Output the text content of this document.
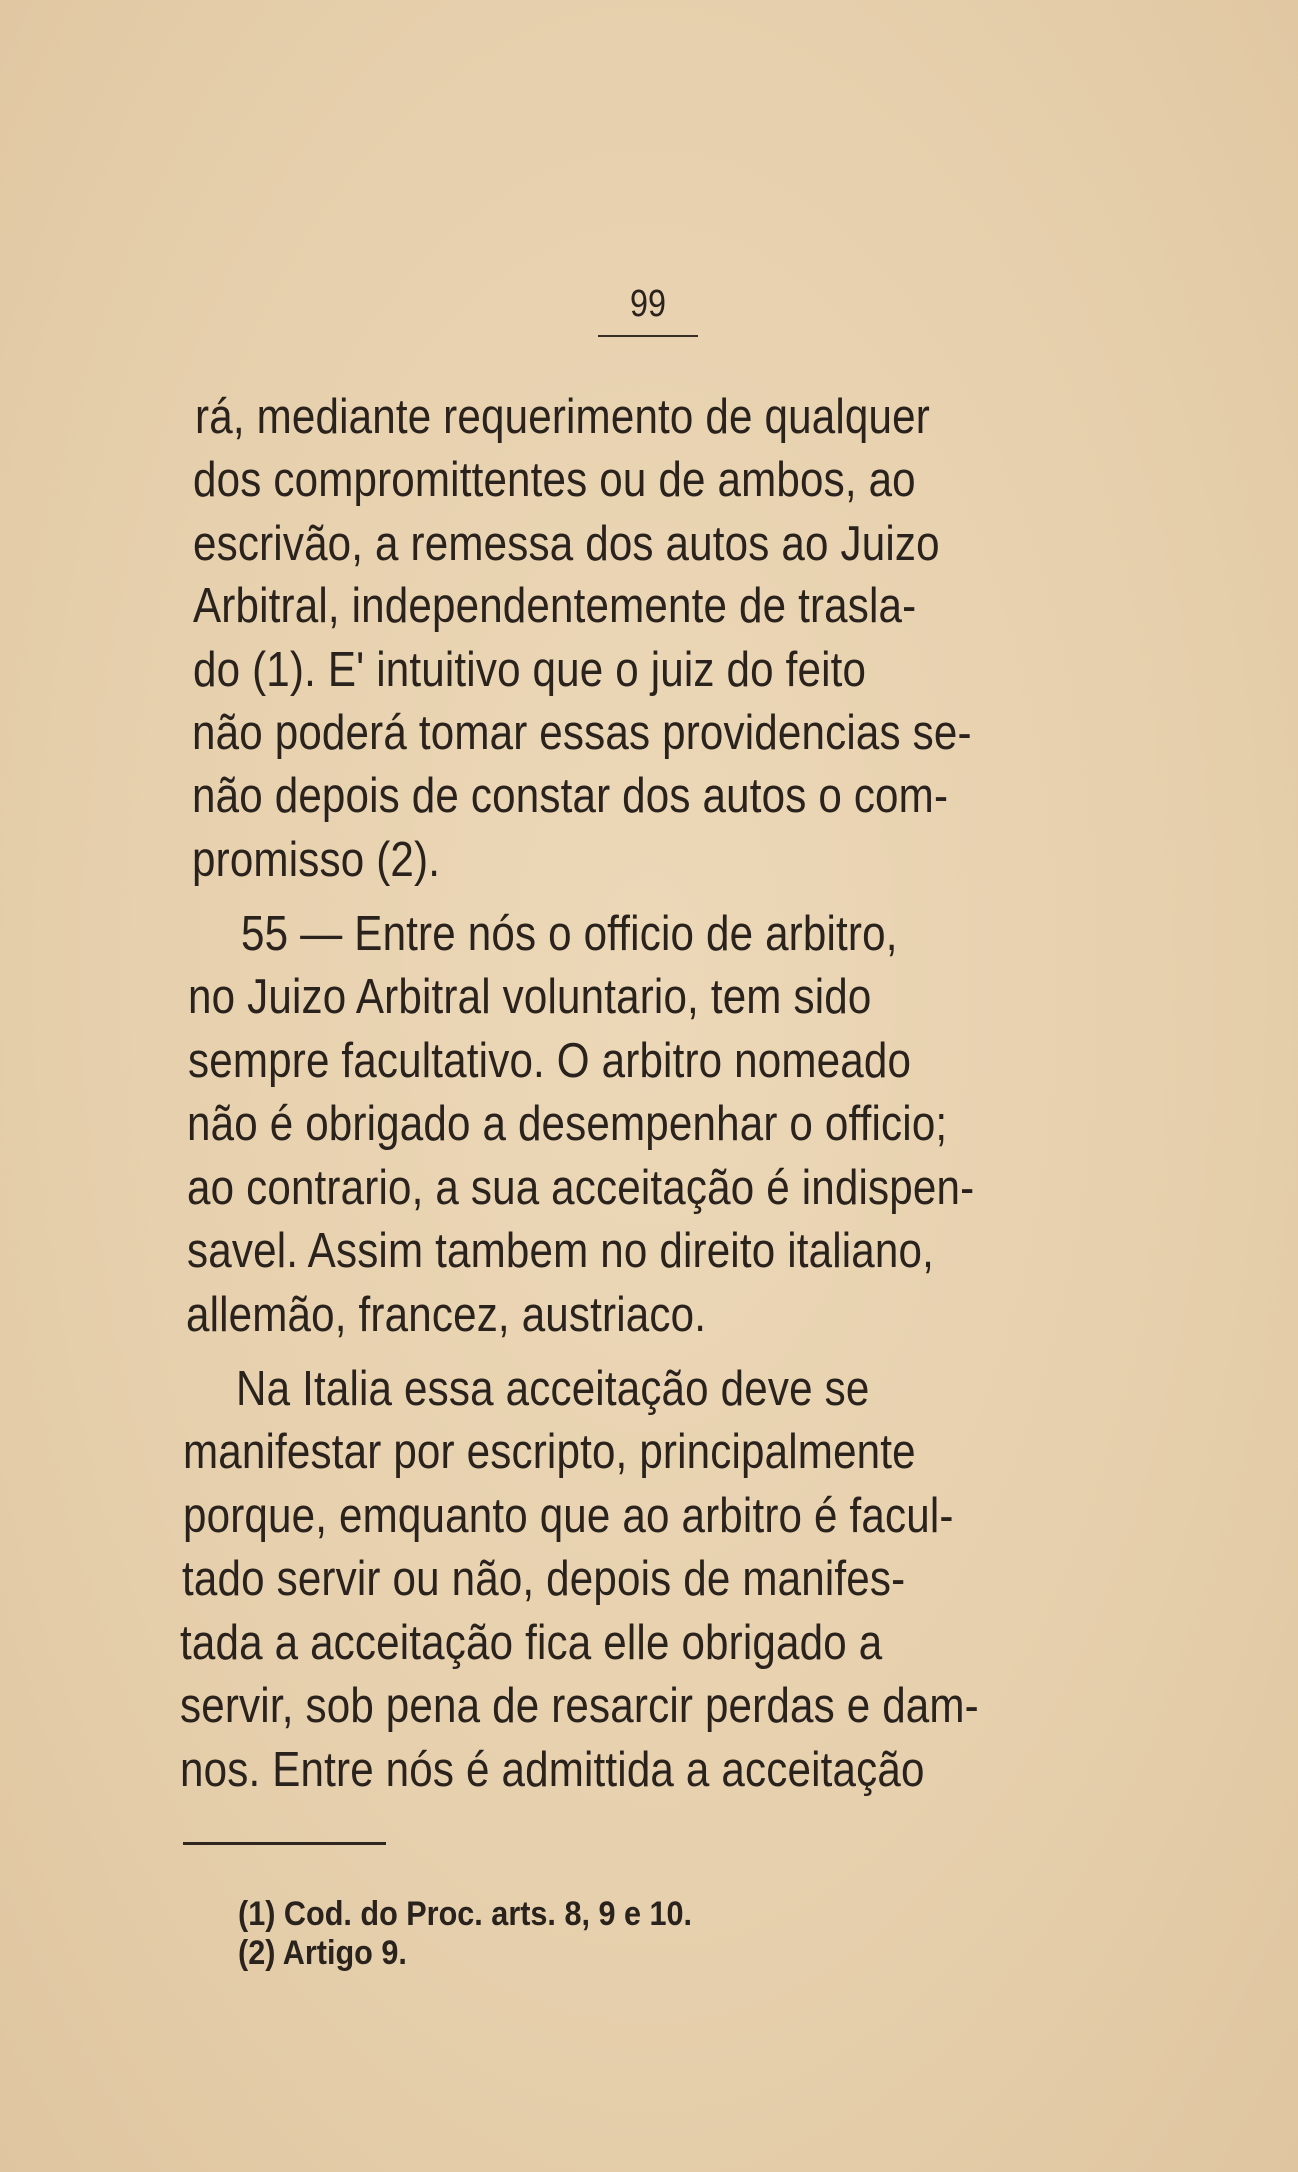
99
rá, mediante requerimento de qualquer
dos compromittentes ou de ambos, ao
escrivão, a remessa dos autos ao Juizo
Arbitral, independentemente de trasla-
do (1). E' intuitivo que o juiz do feito
não poderá tomar essas providencias se-
não depois de constar dos autos o com-
promisso (2).
55 — Entre nós o officio de arbitro,
no Juizo Arbitral voluntario, tem sido
sempre facultativo. O arbitro nomeado
não é obrigado a desempenhar o officio;
ao contrario, a sua acceitação é indispen-
savel. Assim tambem no direito italiano,
allemão, francez, austriaco.
Na Italia essa acceitação deve se
manifestar por escripto, principalmente
porque, emquanto que ao arbitro é facul-
tado servir ou não, depois de manifes-
tada a acceitação fica elle obrigado a
servir, sob pena de resarcir perdas e dam-
nos. Entre nós é admittida a acceitação
(1) Cod. do Proc. arts. 8, 9 e 10.
(2) Artigo 9.
